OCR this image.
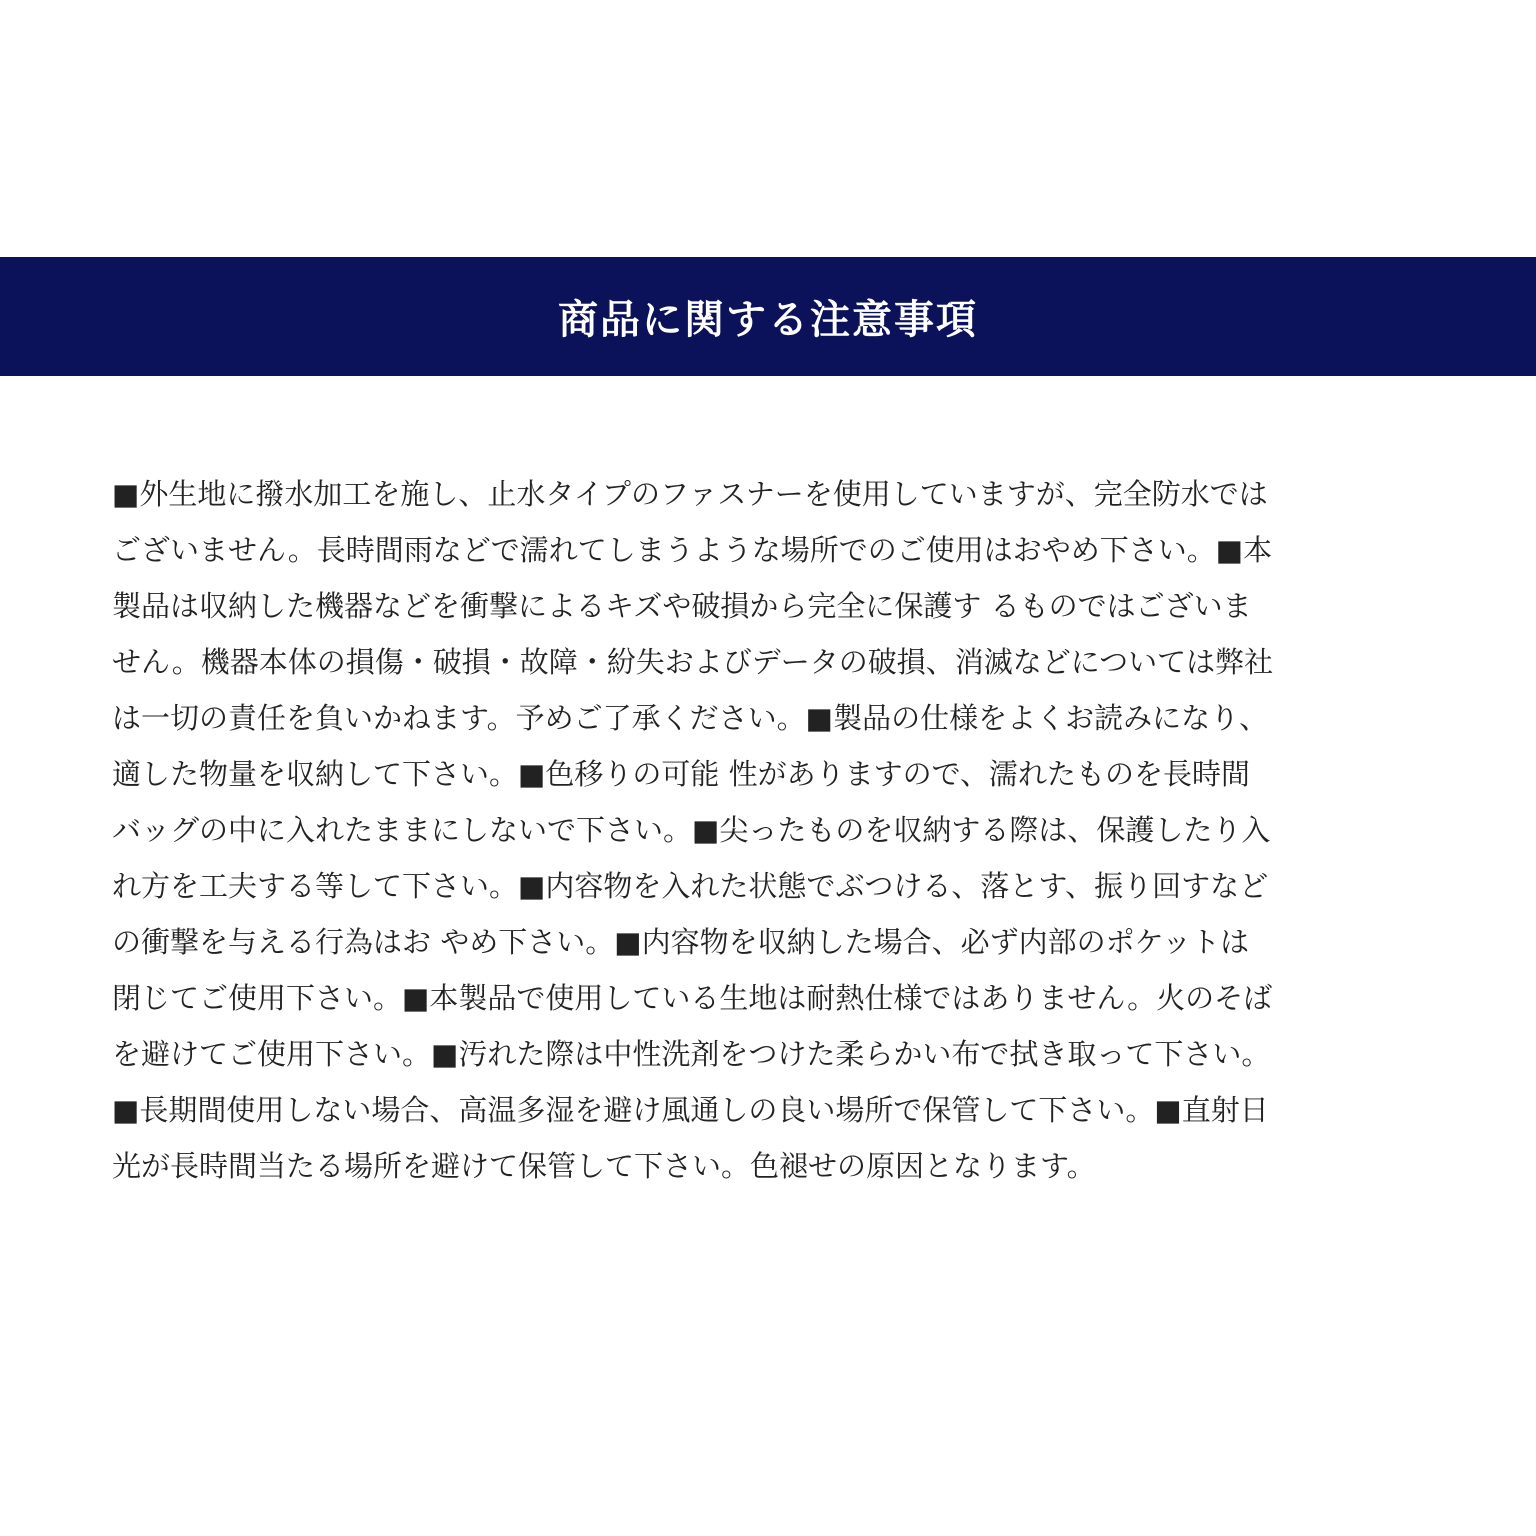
商品に関する注意事項
■外生地に撥水加工を施し、止水タイプのファスナーを使用していますが、完全防水では
ございません。長時間雨などで濡れてしまうような場所でのご使用はおやめ下さい。■本
製品は収納した機器などを衝撃によるキズや破損から完全に保護す るものではございま
せん。機器本体の損傷・破損・故障・紛失およびデータの破損、消滅などについては弊社
は一切の責任を負いかねます。予めご了承ください。■製品の仕様をよくお読みになり、
適した物量を収納して下さい。■色移りの可能 性がありますので、濡れたものを長時間
バッグの中に入れたままにしないで下さい。■尖ったものを収納する際は、保護したり入
れ方を工夫する等して下さい。■内容物を入れた状態でぶつける、落とす、振り回すなど
の衝撃を与える行為はお やめ下さい。■内容物を収納した場合、必ず内部のポケットは
閉じてご使用下さい。■本製品で使用している生地は耐熱仕様ではありません。火のそば
を避けてご使用下さい。■汚れた際は中性洗剤をつけた柔らかい布で拭き取って下さい。
■長期間使用しない場合、高温多湿を避け風通しの良い場所で保管して下さい。■直射日
光が長時間当たる場所を避けて保管して下さい。色褪せの原因となります。
